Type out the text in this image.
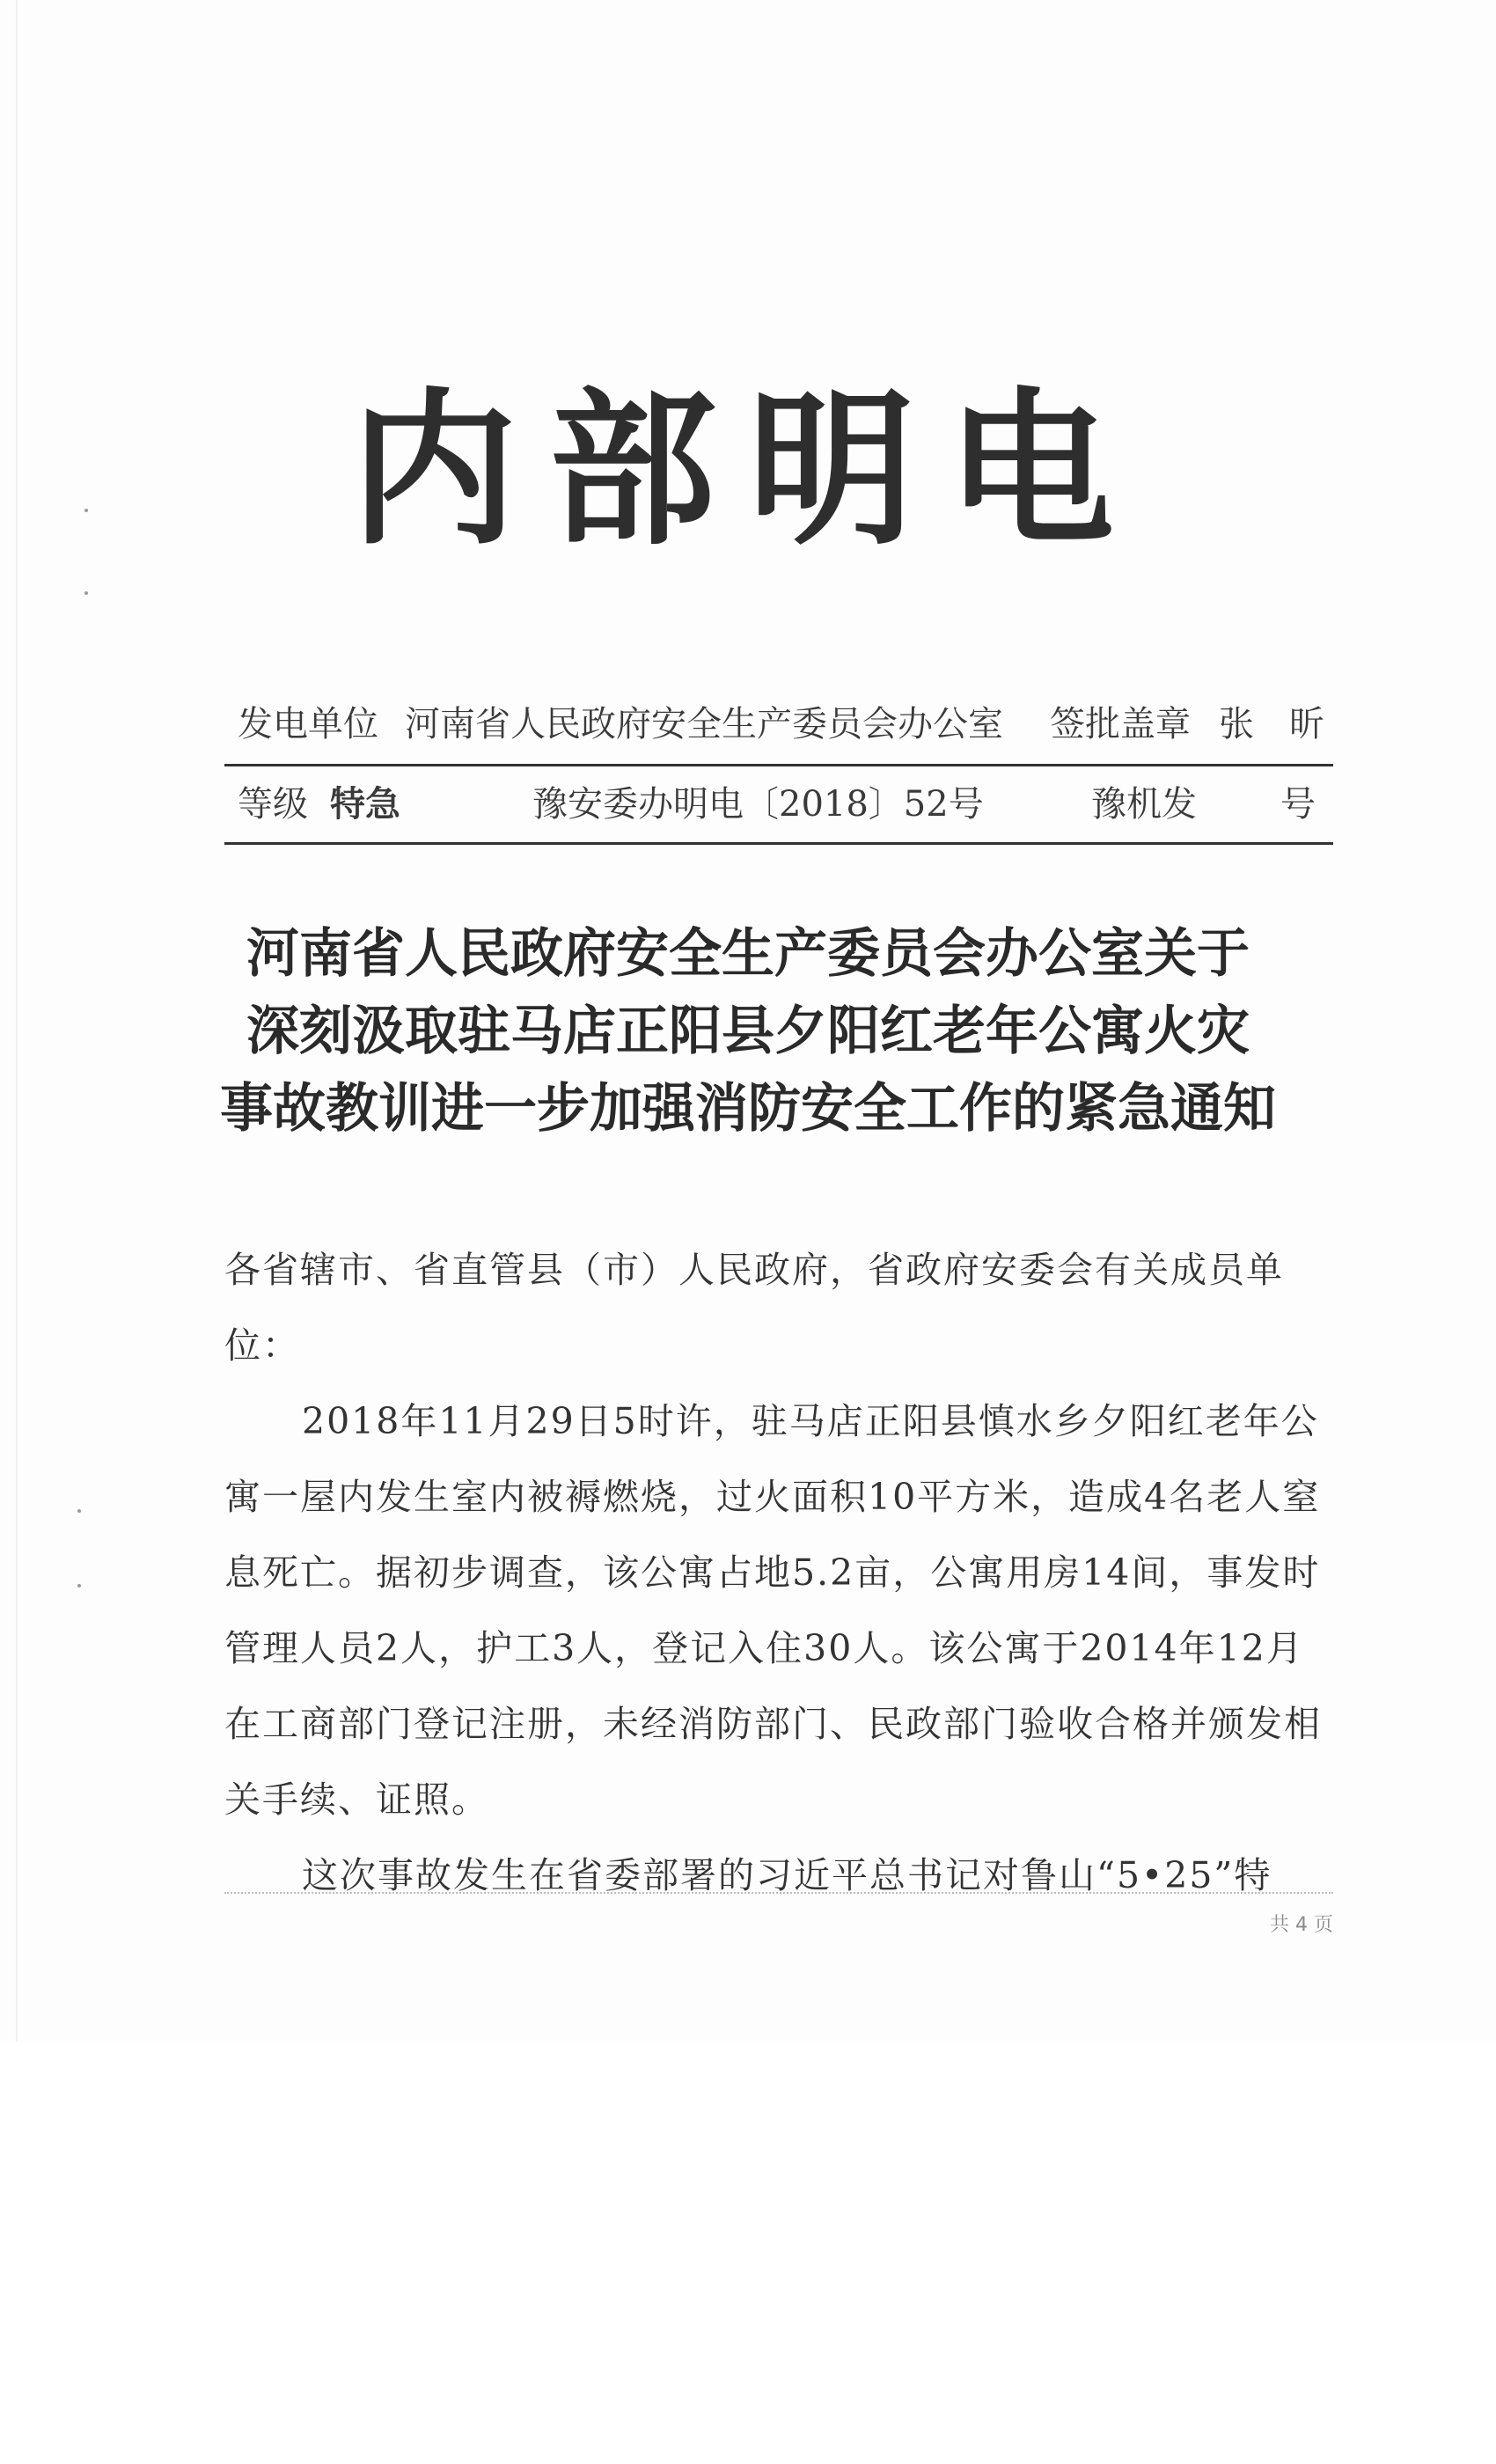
内部明电
发电单位 河南省人民政府安全生产委员会办公室 签批盖章 张　昕
等级 特急	豫安委办明电〔2018〕52号	豫机发 号
河南省人民政府安全生产委员会办公室关于
深刻汲取驻马店正阳县夕阳红老年公寓火灾
事故教训进一步加强消防安全工作的紧急通知

各省辖市、省直管县（市）人民政府，省政府安委会有关成员单位：

2018年11月29日5时许，驻马店正阳县慎水乡夕阳红老年公寓一屋内发生室内被褥燃烧，过火面积10平方米，造成4名老人窒息死亡。据初步调查，该公寓占地5.2亩，公寓用房14间，事发时管理人员2人，护工3人，登记入住30人。该公寓于2014年12月在工商部门登记注册，未经消防部门、民政部门验收合格并颁发相关手续、证照。

这次事故发生在省委部署的习近平总书记对鲁山“5•25”特

共 4 页
